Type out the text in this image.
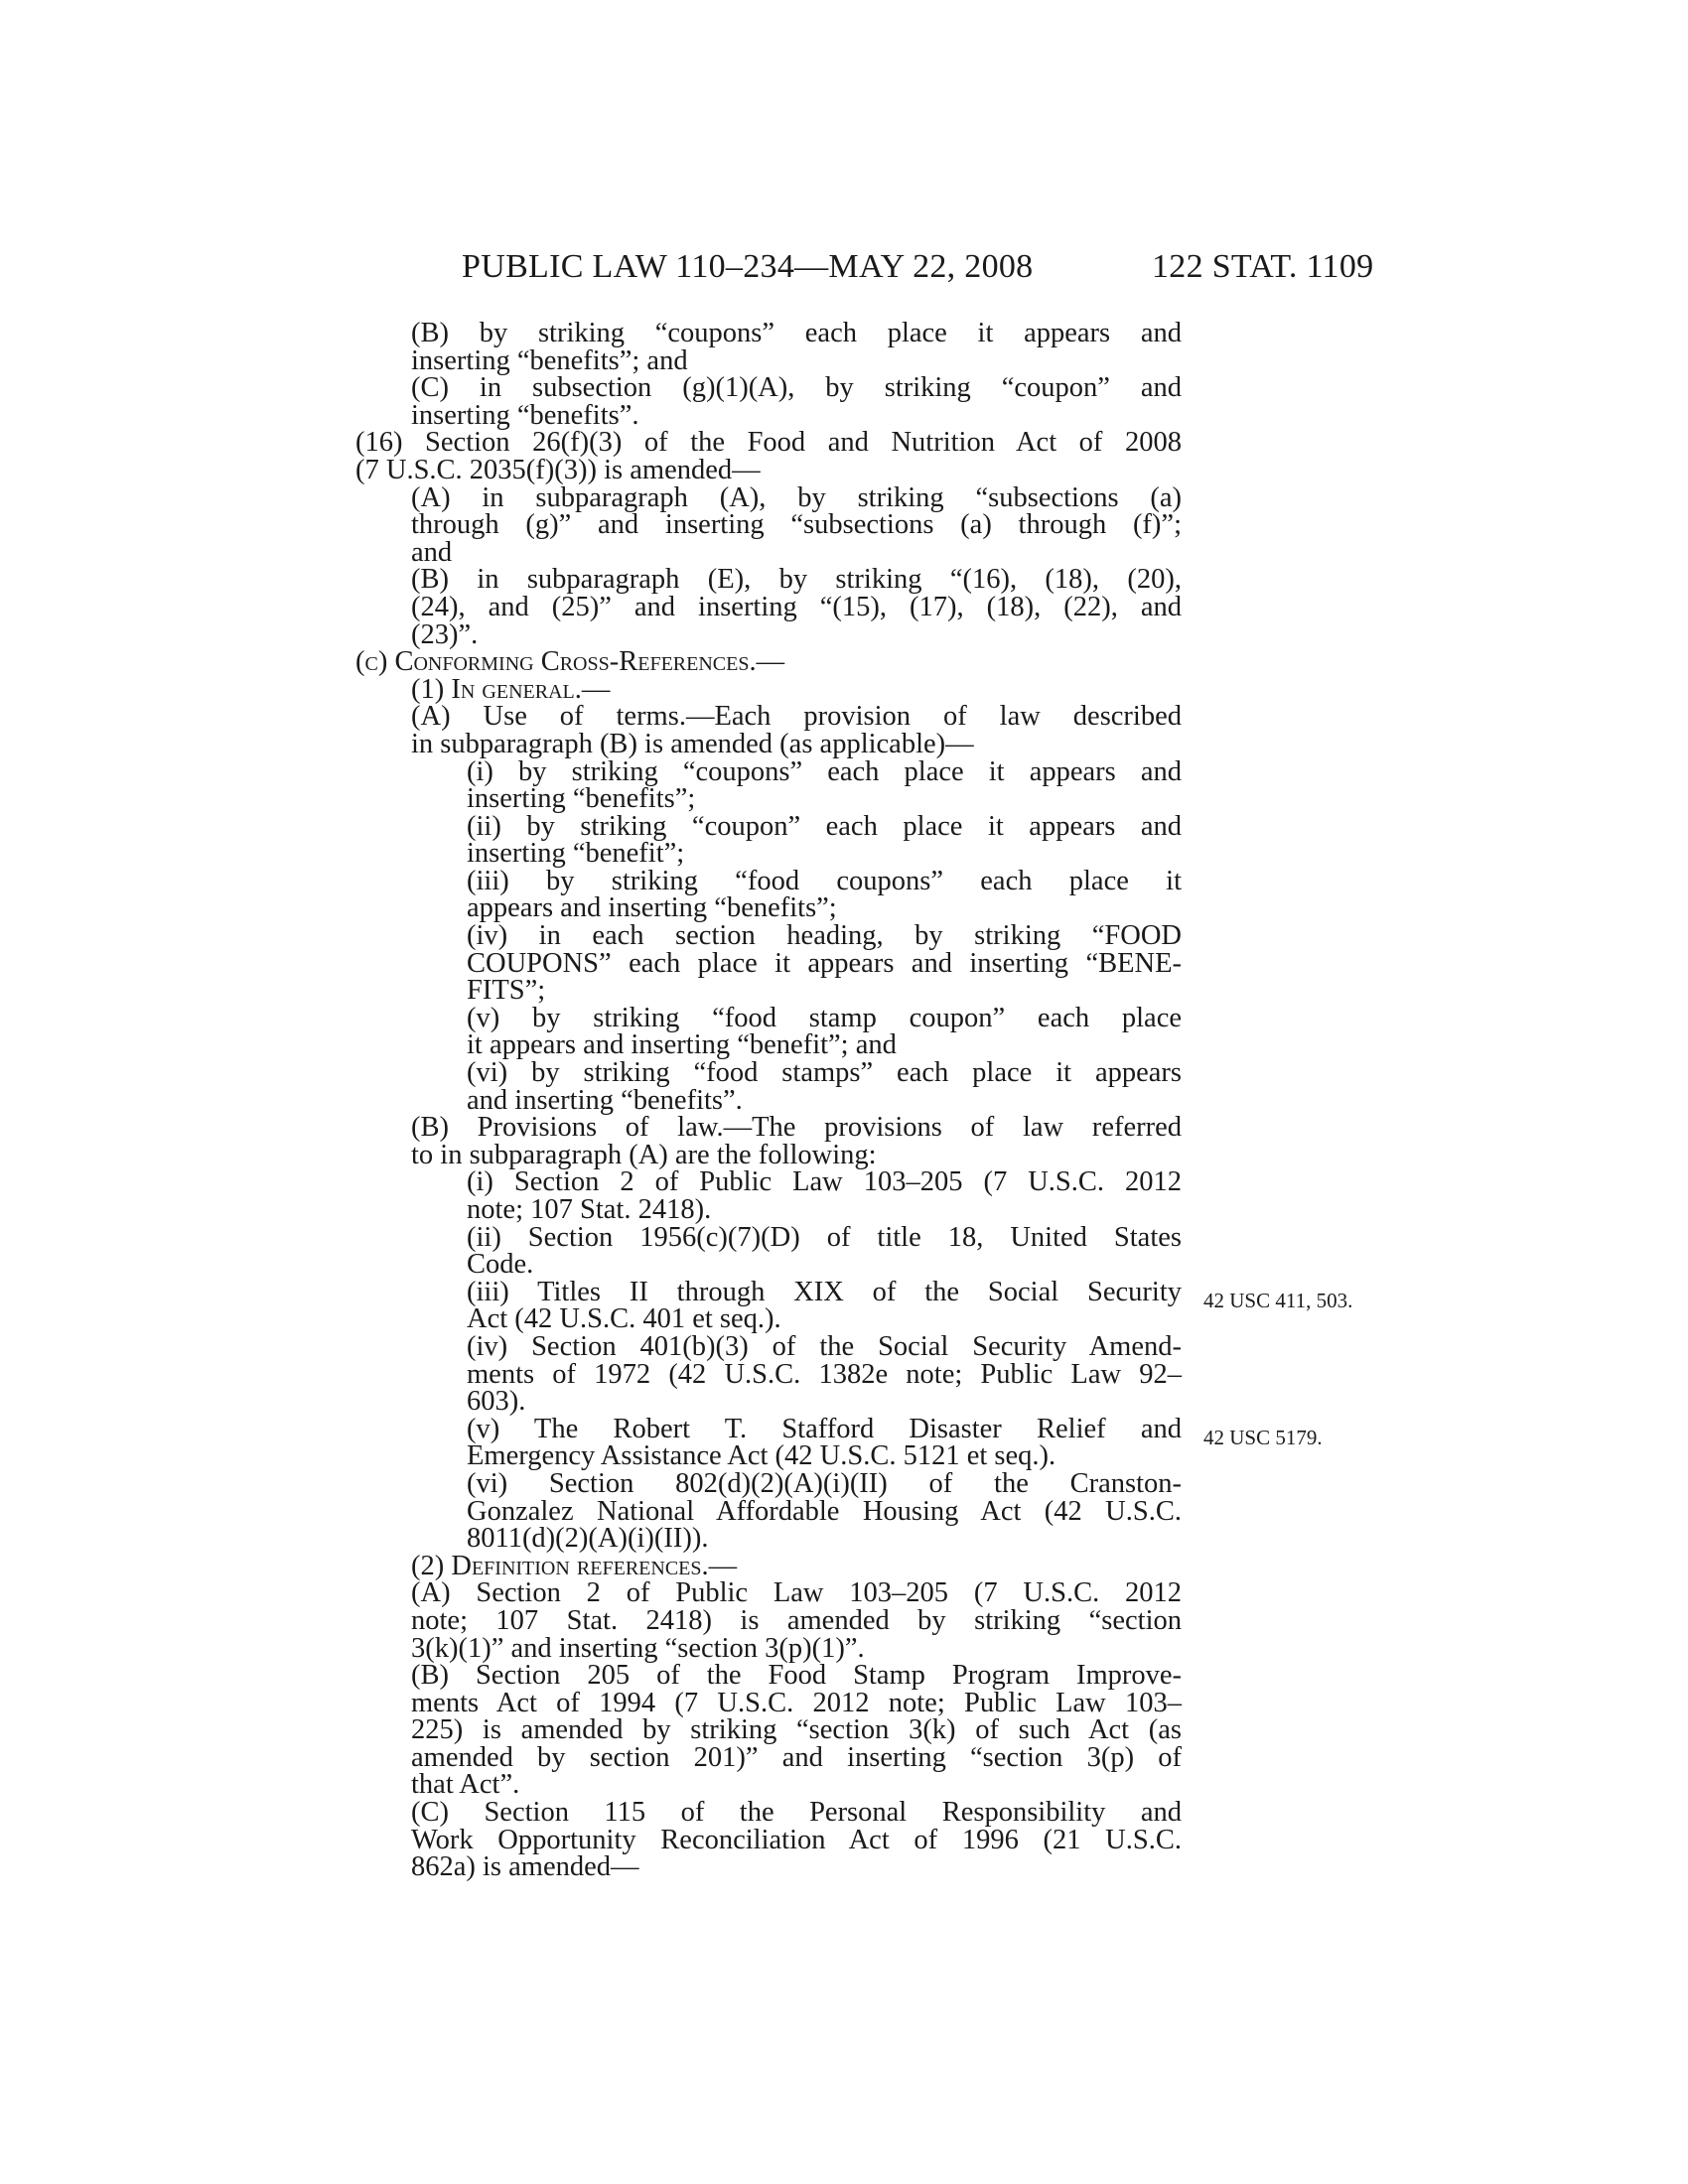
PUBLIC LAW 110–234—MAY 22, 2008	122 STAT. 1109
42 USC 411, 503.
42 USC 5179.
(B) by striking “coupons” each place it appears and
inserting “benefits”; and
(C) in subsection (g)(1)(A), by striking “coupon” and
inserting “benefits”.
(16) Section 26(f)(3) of the Food and Nutrition Act of 2008
(7 U.S.C. 2035(f)(3)) is amended—
(A) in subparagraph (A), by striking “subsections (a)
through (g)” and inserting “subsections (a) through (f)”;
and
(B) in subparagraph (E), by striking “(16), (18), (20),
(24), and (25)” and inserting “(15), (17), (18), (22), and
(23)”.
(c) Conforming Cross-References.—
(1) In general.—
(A) Use of terms.—Each provision of law described
in subparagraph (B) is amended (as applicable)—
(i) by striking “coupons” each place it appears and
inserting “benefits”;
(ii) by striking “coupon” each place it appears and
inserting “benefit”;
(iii) by striking “food coupons” each place it
appears and inserting “benefits”;
(iv) in each section heading, by striking “FOOD
COUPONS” each place it appears and inserting “BENE-
FITS”;
(v) by striking “food stamp coupon” each place
it appears and inserting “benefit”; and
(vi) by striking “food stamps” each place it appears
and inserting “benefits”.
(B) Provisions of law.—The provisions of law referred
to in subparagraph (A) are the following:
(i) Section 2 of Public Law 103–205 (7 U.S.C. 2012
note; 107 Stat. 2418).
(ii) Section 1956(c)(7)(D) of title 18, United States
Code.
(iii) Titles II through XIX of the Social Security
Act (42 U.S.C. 401 et seq.).
(iv) Section 401(b)(3) of the Social Security Amend-
ments of 1972 (42 U.S.C. 1382e note; Public Law 92–
603).
(v) The Robert T. Stafford Disaster Relief and
Emergency Assistance Act (42 U.S.C. 5121 et seq.).
(vi) Section 802(d)(2)(A)(i)(II) of the Cranston-
Gonzalez National Affordable Housing Act (42 U.S.C.
8011(d)(2)(A)(i)(II)).
(2) Definition references.—
(A) Section 2 of Public Law 103–205 (7 U.S.C. 2012
note; 107 Stat. 2418) is amended by striking “section
3(k)(1)” and inserting “section 3(p)(1)”.
(B) Section 205 of the Food Stamp Program Improve-
ments Act of 1994 (7 U.S.C. 2012 note; Public Law 103–
225) is amended by striking “section 3(k) of such Act (as
amended by section 201)” and inserting “section 3(p) of
that Act”.
(C) Section 115 of the Personal Responsibility and
Work Opportunity Reconciliation Act of 1996 (21 U.S.C.
862a) is amended—
